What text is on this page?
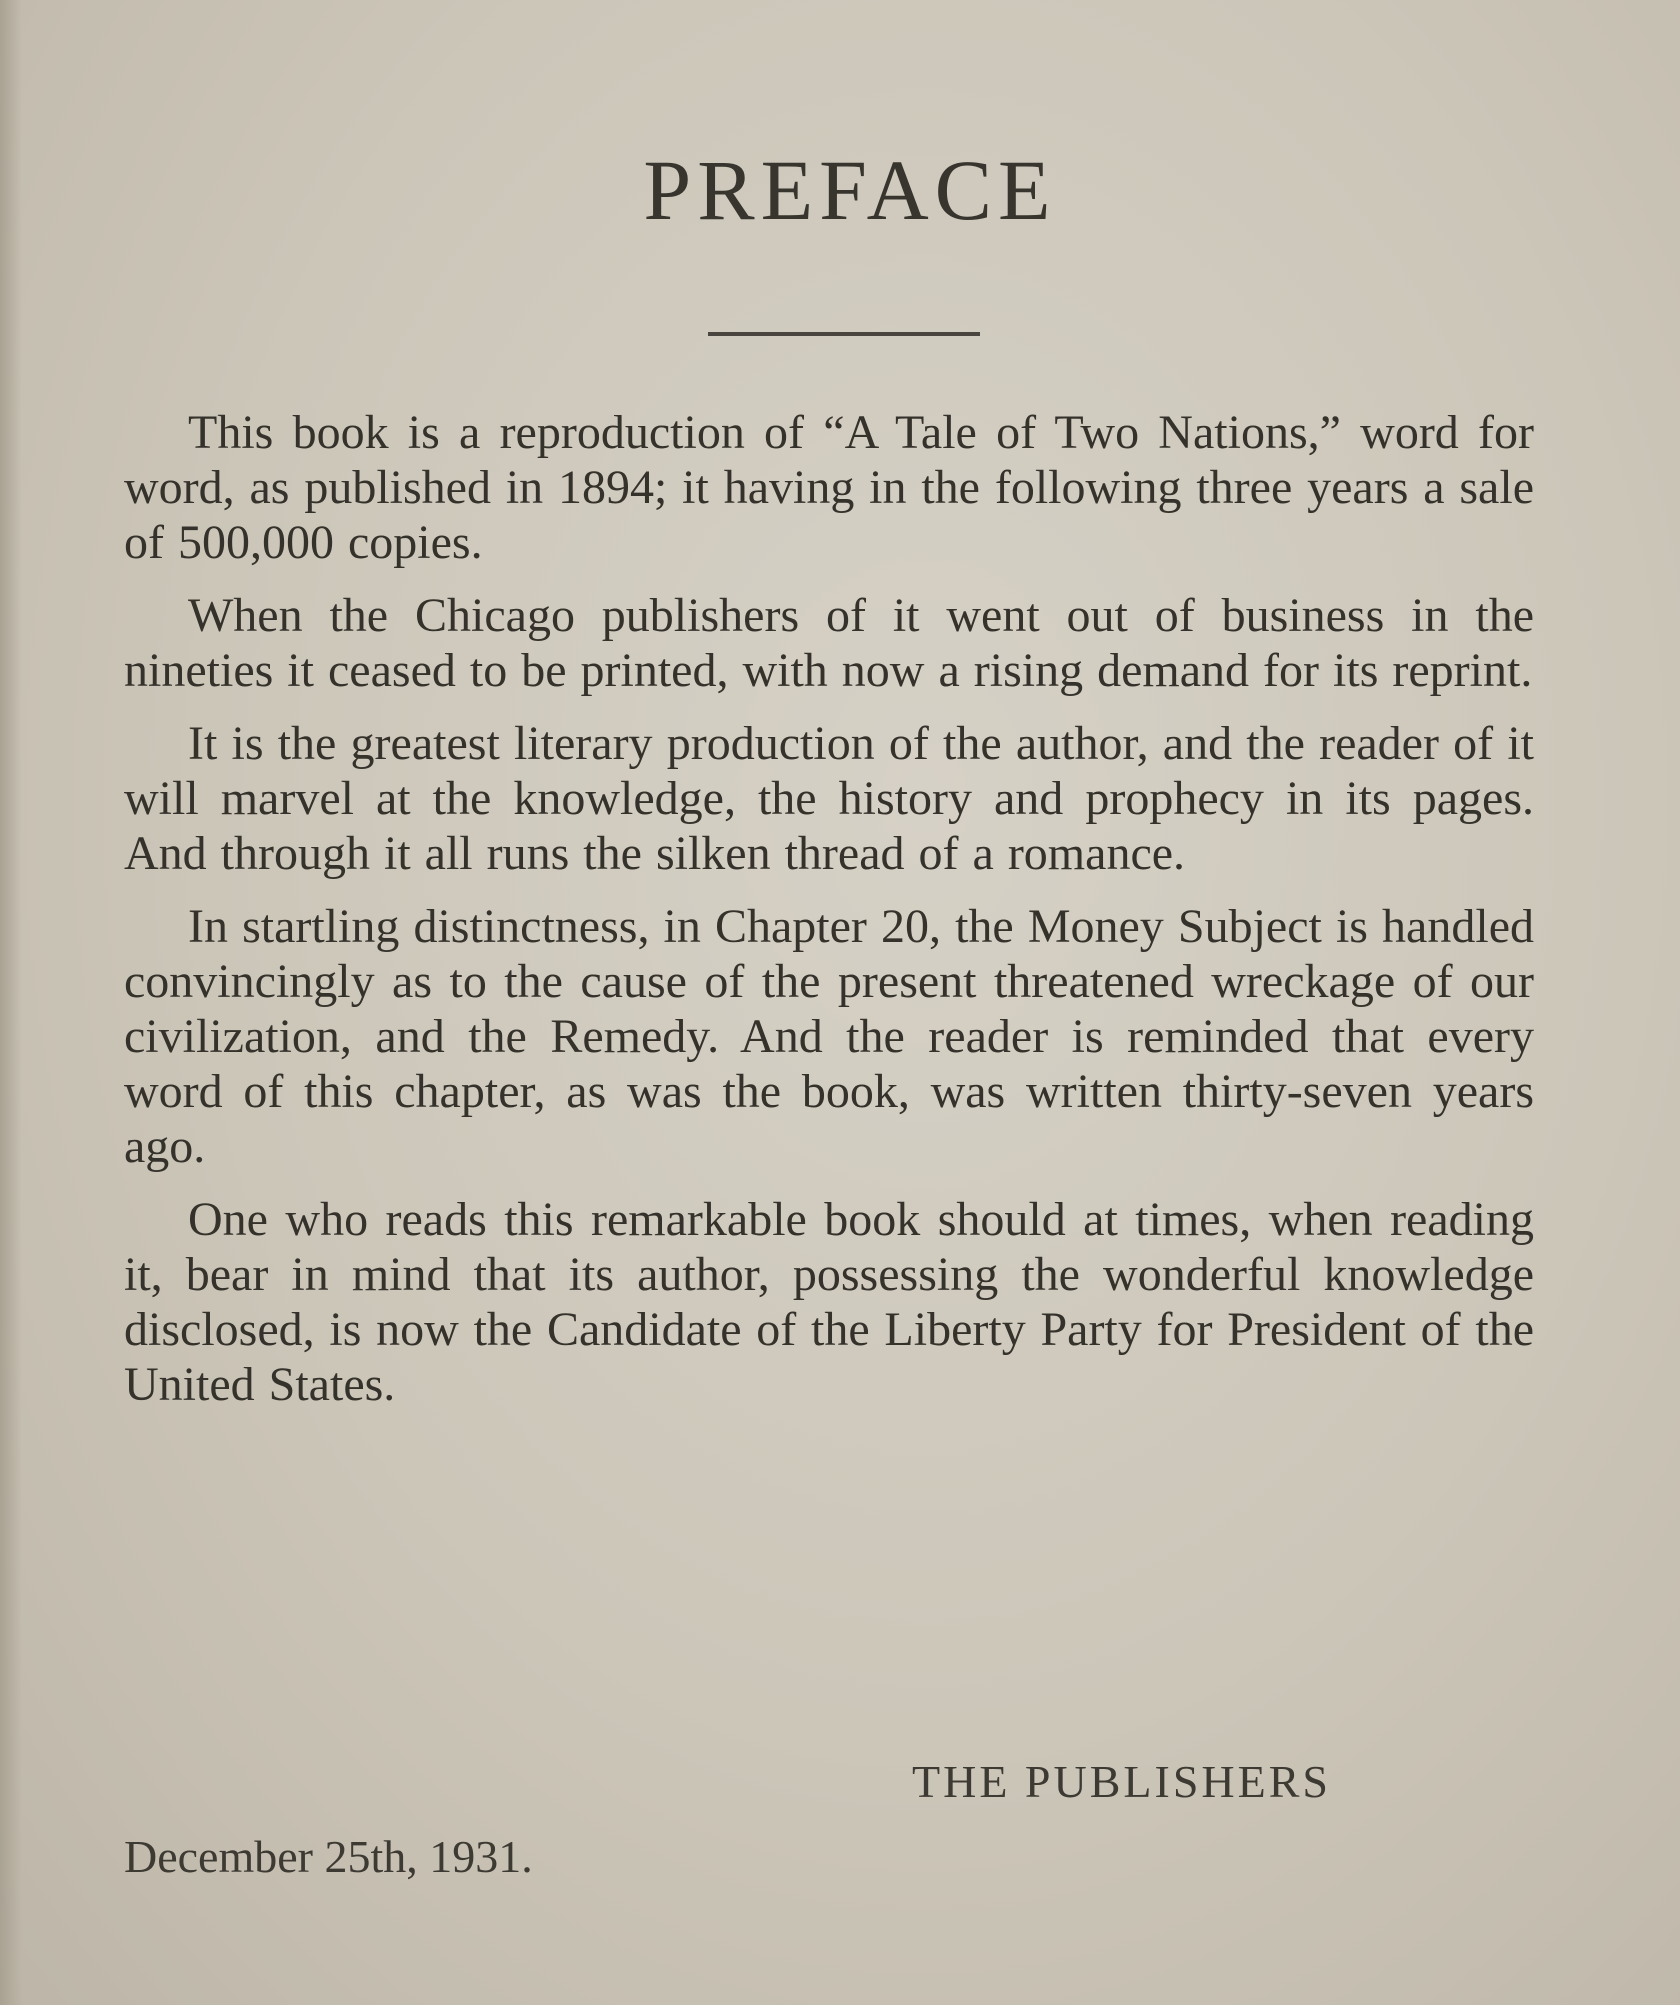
PREFACE

This book is a reproduction of “A Tale of Two Nations,” word for word, as published in 1894; it having in the following three years a sale of 500,000 copies.

When the Chicago publishers of it went out of business in the nineties it ceased to be printed, with now a rising demand for its reprint.

It is the greatest literary production of the author, and the reader of it will marvel at the knowledge, the history and prophecy in its pages. And through it all runs the silken thread of a romance.

In startling distinctness, in Chapter 20, the Money Subject is handled convincingly as to the cause of the present threatened wreckage of our civilization, and the Remedy. And the reader is reminded that every word of this chapter, as was the book, was written thirty-seven years ago.

One who reads this remarkable book should at times, when reading it, bear in mind that its author, possessing the wonderful knowledge disclosed, is now the Candidate of the Liberty Party for President of the United States.

THE PUBLISHERS
December 25th, 1931.
